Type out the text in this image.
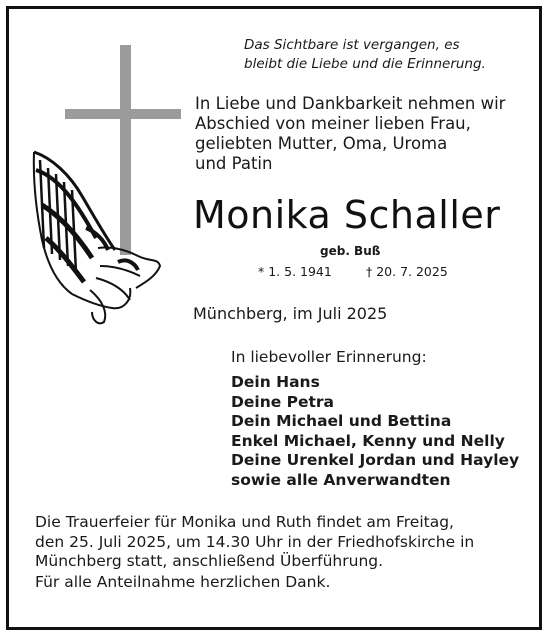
Das Sichtbare ist vergangen, es
bleibt die Liebe und die Erinnerung.
In Liebe und Dankbarkeit nehmen wir
Abschied von meiner lieben Frau,
geliebten Mutter, Oma, Uroma
und Patin
Monika Schaller
geb. Buß
* 1. 5. 1941	† 20. 7. 2025
Münchberg, im Juli 2025
In liebevoller Erinnerung:
Dein Hans
Deine Petra
Dein Michael und Bettina
Enkel Michael, Kenny und Nelly
Deine Urenkel Jordan und Hayley
sowie alle Anverwandten
Die Trauerfeier für Monika und Ruth findet am Freitag,
den 25. Juli 2025, um 14.30 Uhr in der Friedhofskirche in
Münchberg statt, anschließend Überführung.
Für alle Anteilnahme herzlichen Dank.
